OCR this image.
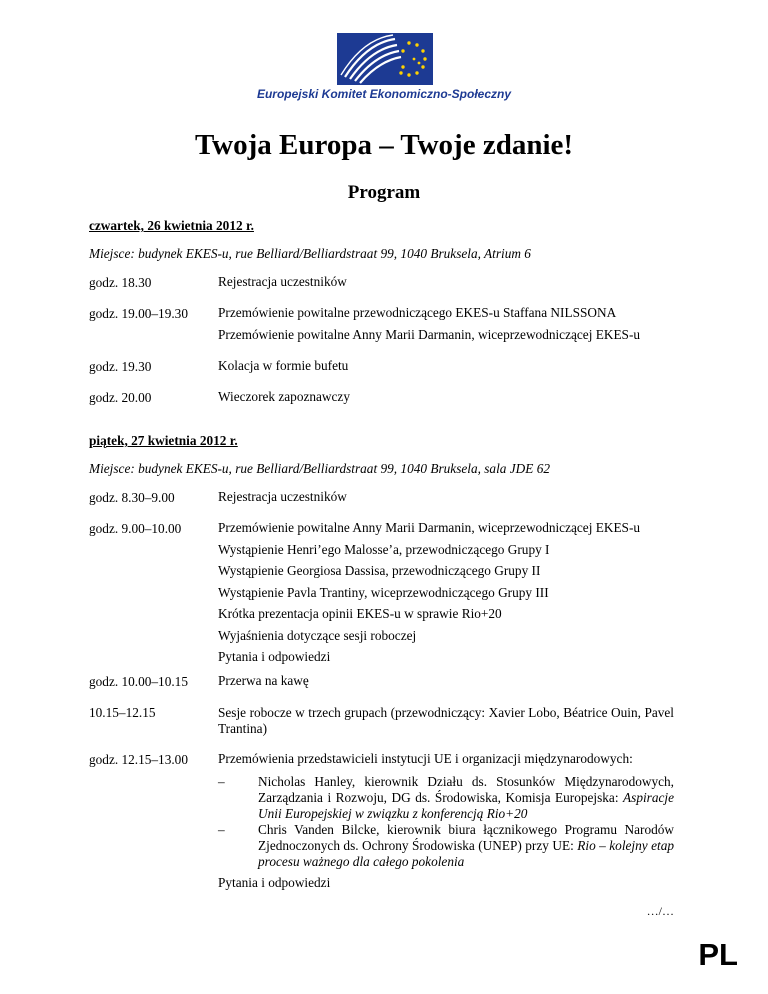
Europejski Komitet Ekonomiczno-Społeczny
Twoja Europa – Twoje zdanie!
Program
czwartek, 26 kwietnia 2012 r.
Miejsce: budynek EKES-u, rue Belliard/Belliardstraat 99, 1040 Bruksela, Atrium 6
godz. 18.30	Rejestracja uczestników
godz. 19.00–19.30 Przemówienie powitalne przewodniczącego EKES-u Staffana NILSSONA
Przemówienie powitalne Anny Marii Darmanin, wiceprzewodniczącej EKES-u
godz. 19.30	Kolacja w formie bufetu
godz. 20.00	Wieczorek zapoznawczy
piątek, 27 kwietnia 2012 r.
Miejsce: budynek EKES-u, rue Belliard/Belliardstraat 99, 1040 Bruksela, sala JDE 62
godz. 8.30–9.00	Rejestracja uczestników
godz. 9.00–10.00	Przemówienie powitalne Anny Marii Darmanin, wiceprzewodniczącej EKES-u
Wystąpienie Henri’ego Malosse’a, przewodniczącego Grupy I
Wystąpienie Georgiosa Dassisa, przewodniczącego Grupy II
Wystąpienie Pavla Trantiny, wiceprzewodniczącego Grupy III
Krótka prezentacja opinii EKES-u w sprawie Rio+20
Wyjaśnienia dotyczące sesji roboczej
Pytania i odpowiedzi
godz. 10.00–10.15 Przerwa na kawę
10.15–12.15	Sesje robocze w trzech grupach (przewodniczący: Xavier Lobo, Béatrice Ouin, Pavel Trantina)
godz. 12.15–13.00 Przemówienia przedstawicieli instytucji UE i organizacji międzynarodowych:
–	Nicholas Hanley, kierownik Działu ds. Stosunków Międzynarodowych, Zarządzania i Rozwoju, DG ds. Środowiska, Komisja Europejska: Aspiracje Unii Europejskiej w związku z konferencją Rio+20
–	Chris Vanden Bilcke, kierownik biura łącznikowego Programu Narodów Zjednoczonych ds. Ochrony Środowiska (UNEP) przy UE: Rio – kolejny etap procesu ważnego dla całego pokolenia
Pytania i odpowiedzi
…/…
PL
